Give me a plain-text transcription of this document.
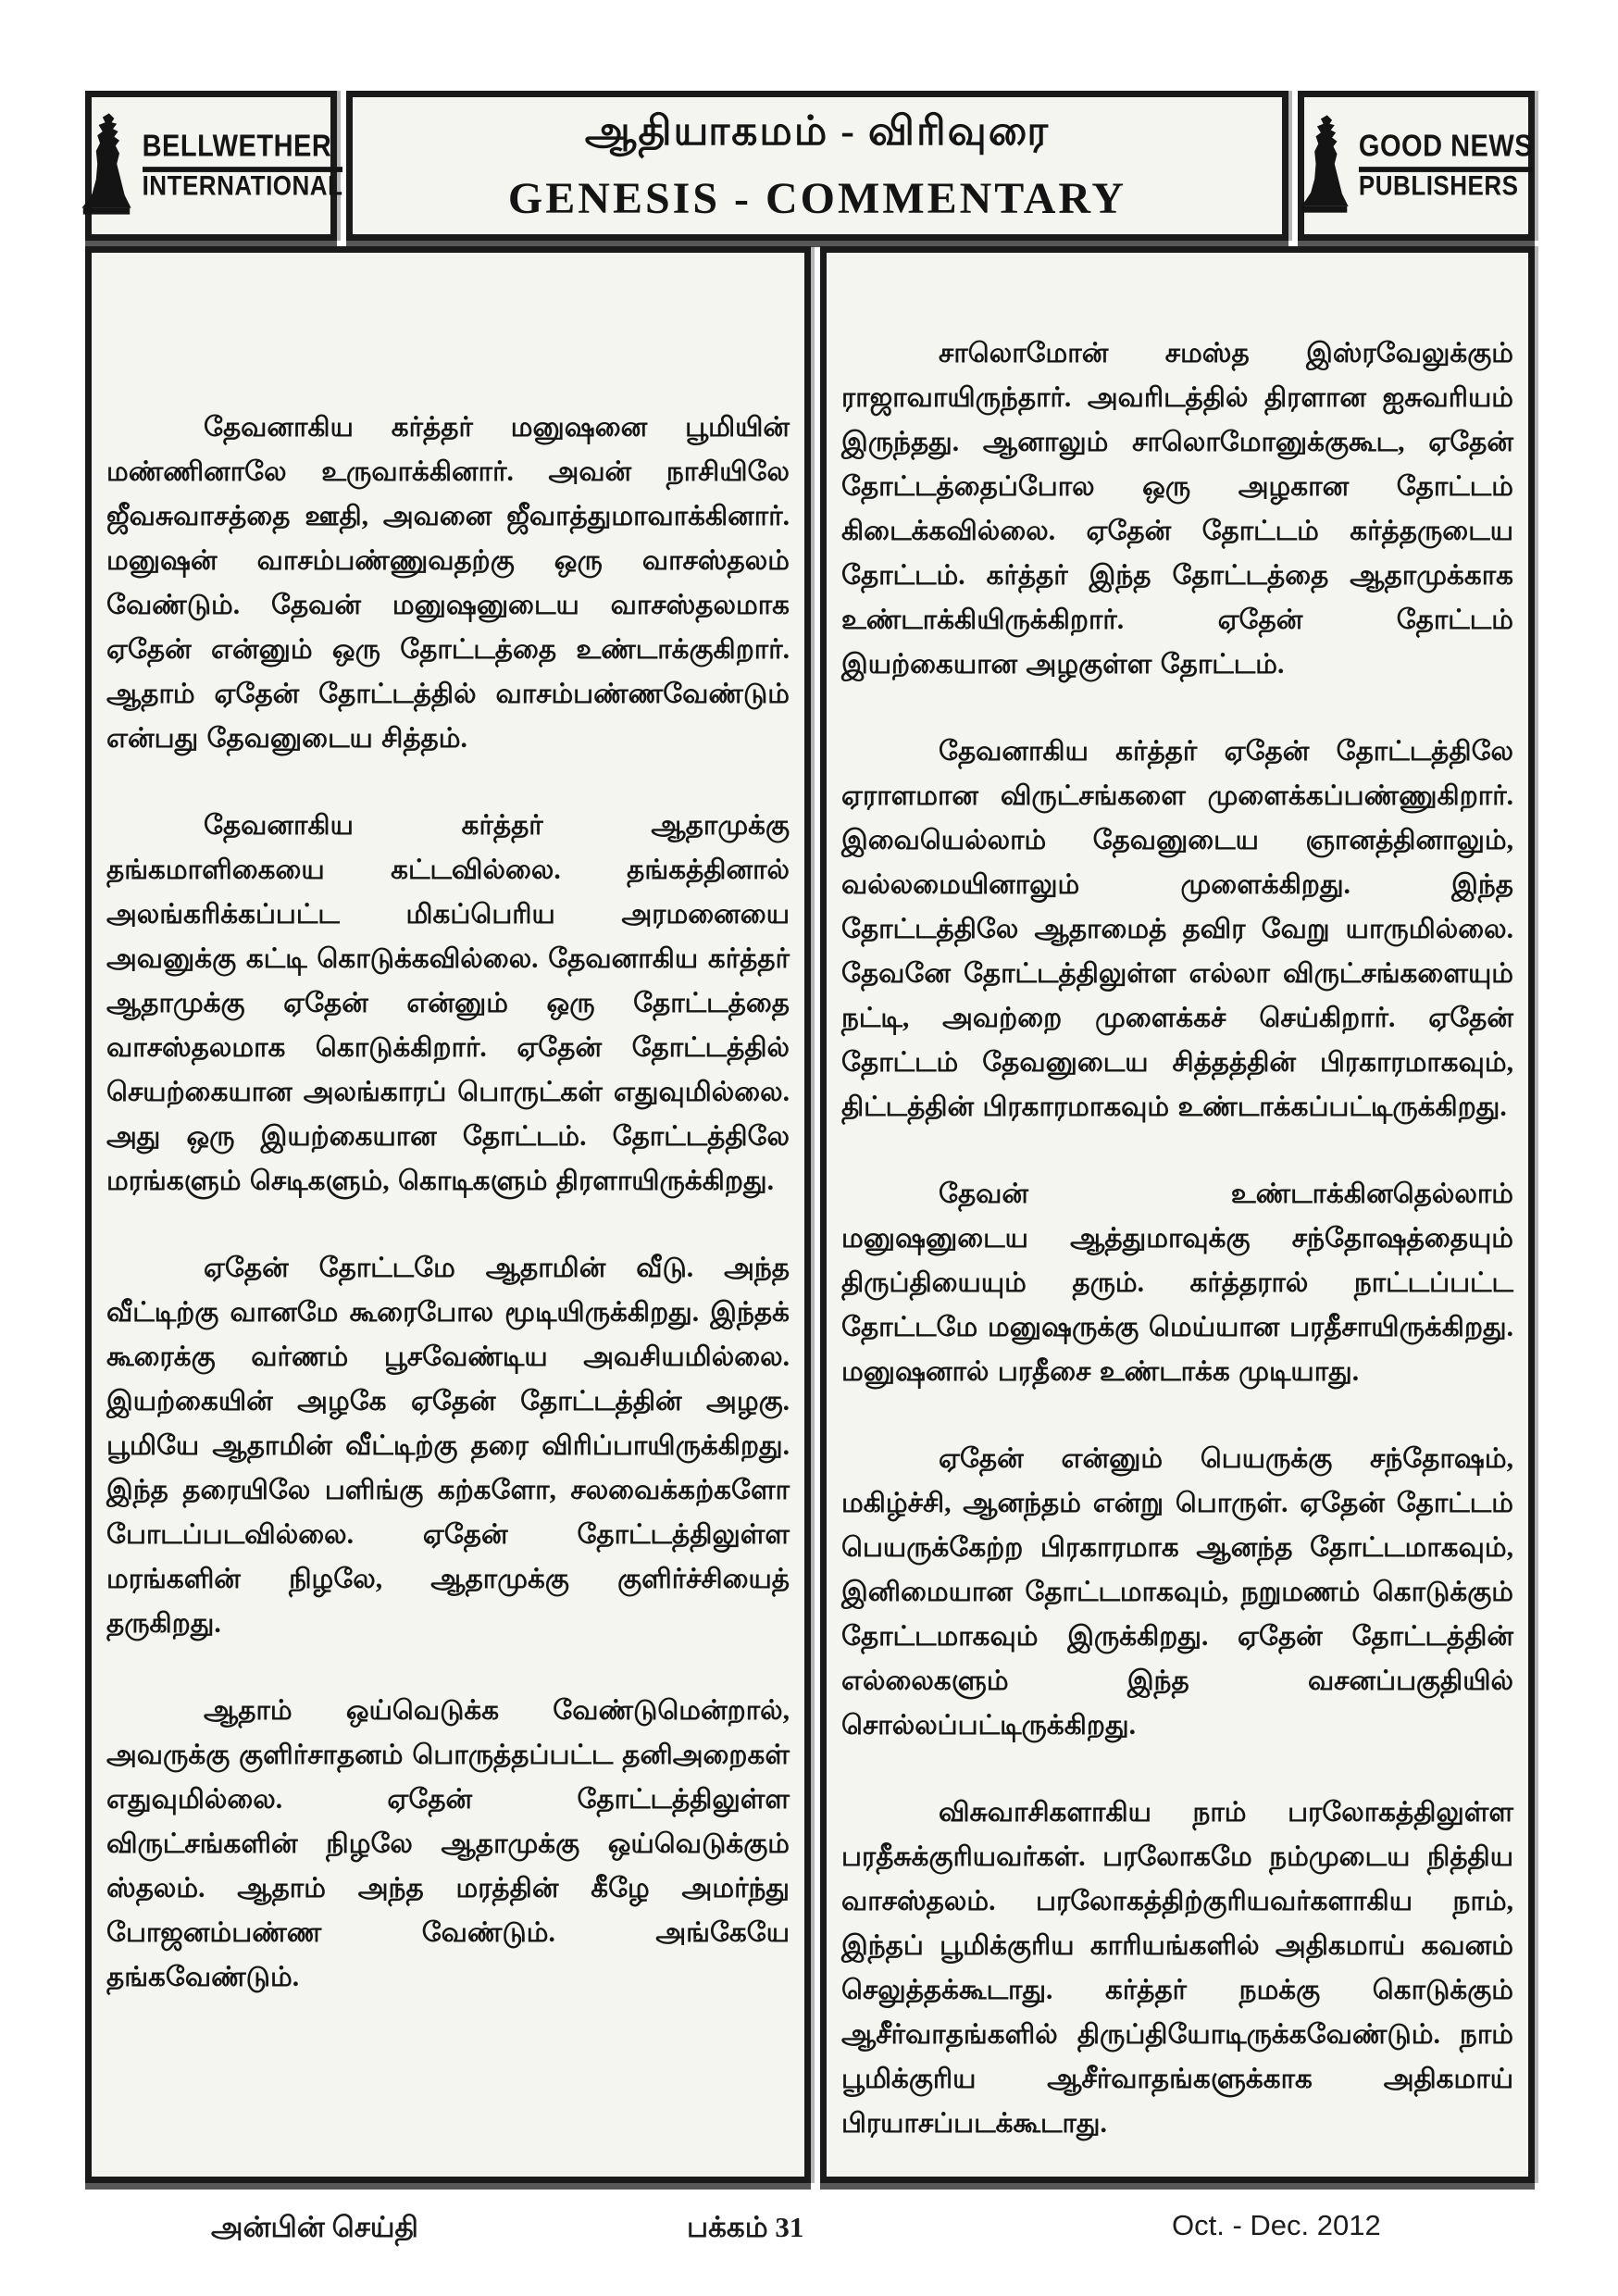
BELLWETHER
INTERNATIONAL
ஆதியாகமம் - விரிவுரை
GENESIS - COMMENTARY
GOOD NEWS
PUBLISHERS

தேவனாகிய கர்த்தர் மனுஷனை பூமியின் மண்ணினாலே உருவாக்கினார். அவன் நாசியிலே ஜீவசுவாசத்தை ஊதி, அவனை ஜீவாத்துமாவாக்கினார். மனுஷன் வாசம்பண்ணுவதற்கு ஒரு வாசஸ்தலம் வேண்டும். தேவன் மனுஷனுடைய வாசஸ்தலமாக ஏதேன் என்னும் ஒரு தோட்டத்தை உண்டாக்குகிறார். ஆதாம் ஏதேன் தோட்டத்தில் வாசம்பண்ணவேண்டும் என்பது தேவனுடைய சித்தம்.

தேவனாகிய கர்த்தர் ஆதாமுக்கு தங்கமாளிகையை கட்டவில்லை. தங்கத்தினால் அலங்கரிக்கப்பட்ட மிகப்பெரிய அரமனையை அவனுக்கு கட்டி கொடுக்கவில்லை. தேவனாகிய கர்த்தர் ஆதாமுக்கு ஏதேன் என்னும் ஒரு தோட்டத்தை வாசஸ்தலமாக கொடுக்கிறார். ஏதேன் தோட்டத்தில் செயற்கையான அலங்காரப் பொருட்கள் எதுவுமில்லை. அது ஒரு இயற்கையான தோட்டம். தோட்டத்திலே மரங்களும் செடிகளும், கொடிகளும் திரளாயிருக்கிறது.

ஏதேன் தோட்டமே ஆதாமின் வீடு. அந்த வீட்டிற்கு வானமே கூரைபோல மூடியிருக்கிறது. இந்தக் கூரைக்கு வர்ணம் பூசவேண்டிய அவசியமில்லை. இயற்கையின் அழகே ஏதேன் தோட்டத்தின் அழகு. பூமியே ஆதாமின் வீட்டிற்கு தரை விரிப்பாயிருக்கிறது. இந்த தரையிலே பளிங்கு கற்களோ, சலவைக்கற்களோ போடப்படவில்லை. ஏதேன் தோட்டத்திலுள்ள மரங்களின் நிழலே, ஆதாமுக்கு குளிர்ச்சியைத் தருகிறது.

ஆதாம் ஒய்வெடுக்க வேண்டுமென்றால், அவருக்கு குளிர்சாதனம் பொருத்தப்பட்ட தனிஅறைகள் எதுவுமில்லை. ஏதேன் தோட்டத்திலுள்ள விருட்சங்களின் நிழலே ஆதாமுக்கு ஒய்வெடுக்கும் ஸ்தலம். ஆதாம் அந்த மரத்தின் கீழே அமர்ந்து போஜனம்பண்ண வேண்டும். அங்கேயே தங்கவேண்டும்.

சாலொமோன் சமஸ்த இஸ்ரவேலுக்கும் ராஜாவாயிருந்தார். அவரிடத்தில் திரளான ஐசுவரியம் இருந்தது. ஆனாலும் சாலொமோனுக்குகூட, ஏதேன் தோட்டத்தைப்போல ஒரு அழகான தோட்டம் கிடைக்கவில்லை. ஏதேன் தோட்டம் கர்த்தருடைய தோட்டம். கர்த்தர் இந்த தோட்டத்தை ஆதாமுக்காக உண்டாக்கியிருக்கிறார். ஏதேன் தோட்டம் இயற்கையான அழகுள்ள தோட்டம்.

தேவனாகிய கர்த்தர் ஏதேன் தோட்டத்திலே ஏராளமான விருட்சங்களை முளைக்கப்பண்ணுகிறார். இவையெல்லாம் தேவனுடைய ஞானத்தினாலும், வல்லமையினாலும் முளைக்கிறது. இந்த தோட்டத்திலே ஆதாமைத் தவிர வேறு யாருமில்லை. தேவனே தோட்டத்திலுள்ள எல்லா விருட்சங்களையும் நட்டி, அவற்றை முளைக்கச் செய்கிறார். ஏதேன் தோட்டம் தேவனுடைய சித்தத்தின் பிரகாரமாகவும், திட்டத்தின் பிரகாரமாகவும் உண்டாக்கப்பட்டிருக்கிறது.

தேவன் உண்டாக்கினதெல்லாம் மனுஷனுடைய ஆத்துமாவுக்கு சந்தோஷத்தையும் திருப்தியையும் தரும். கர்த்தரால் நாட்டப்பட்ட தோட்டமே மனுஷருக்கு மெய்யான பரதீசாயிருக்கிறது. மனுஷனால் பரதீசை உண்டாக்க முடியாது.

ஏதேன் என்னும் பெயருக்கு சந்தோஷம், மகிழ்ச்சி, ஆனந்தம் என்று பொருள். ஏதேன் தோட்டம் பெயருக்கேற்ற பிரகாரமாக ஆனந்த தோட்டமாகவும், இனிமையான தோட்டமாகவும், நறுமணம் கொடுக்கும் தோட்டமாகவும் இருக்கிறது. ஏதேன் தோட்டத்தின் எல்லைகளும் இந்த வசனப்பகுதியில் சொல்லப்பட்டிருக்கிறது.

விசுவாசிகளாகிய நாம் பரலோகத்திலுள்ள பரதீசுக்குரியவர்கள். பரலோகமே நம்முடைய நித்திய வாசஸ்தலம். பரலோகத்திற்குரியவர்களாகிய நாம், இந்தப் பூமிக்குரிய காரியங்களில் அதிகமாய் கவனம் செலுத்தக்கூடாது. கர்த்தர் நமக்கு கொடுக்கும் ஆசீர்வாதங்களில் திருப்தியோடிருக்கவேண்டும். நாம் பூமிக்குரிய ஆசீர்வாதங்களுக்காக அதிகமாய் பிரயாசப்படக்கூடாது.

அன்பின் செய்தி	பக்கம் 31	Oct. - Dec. 2012
